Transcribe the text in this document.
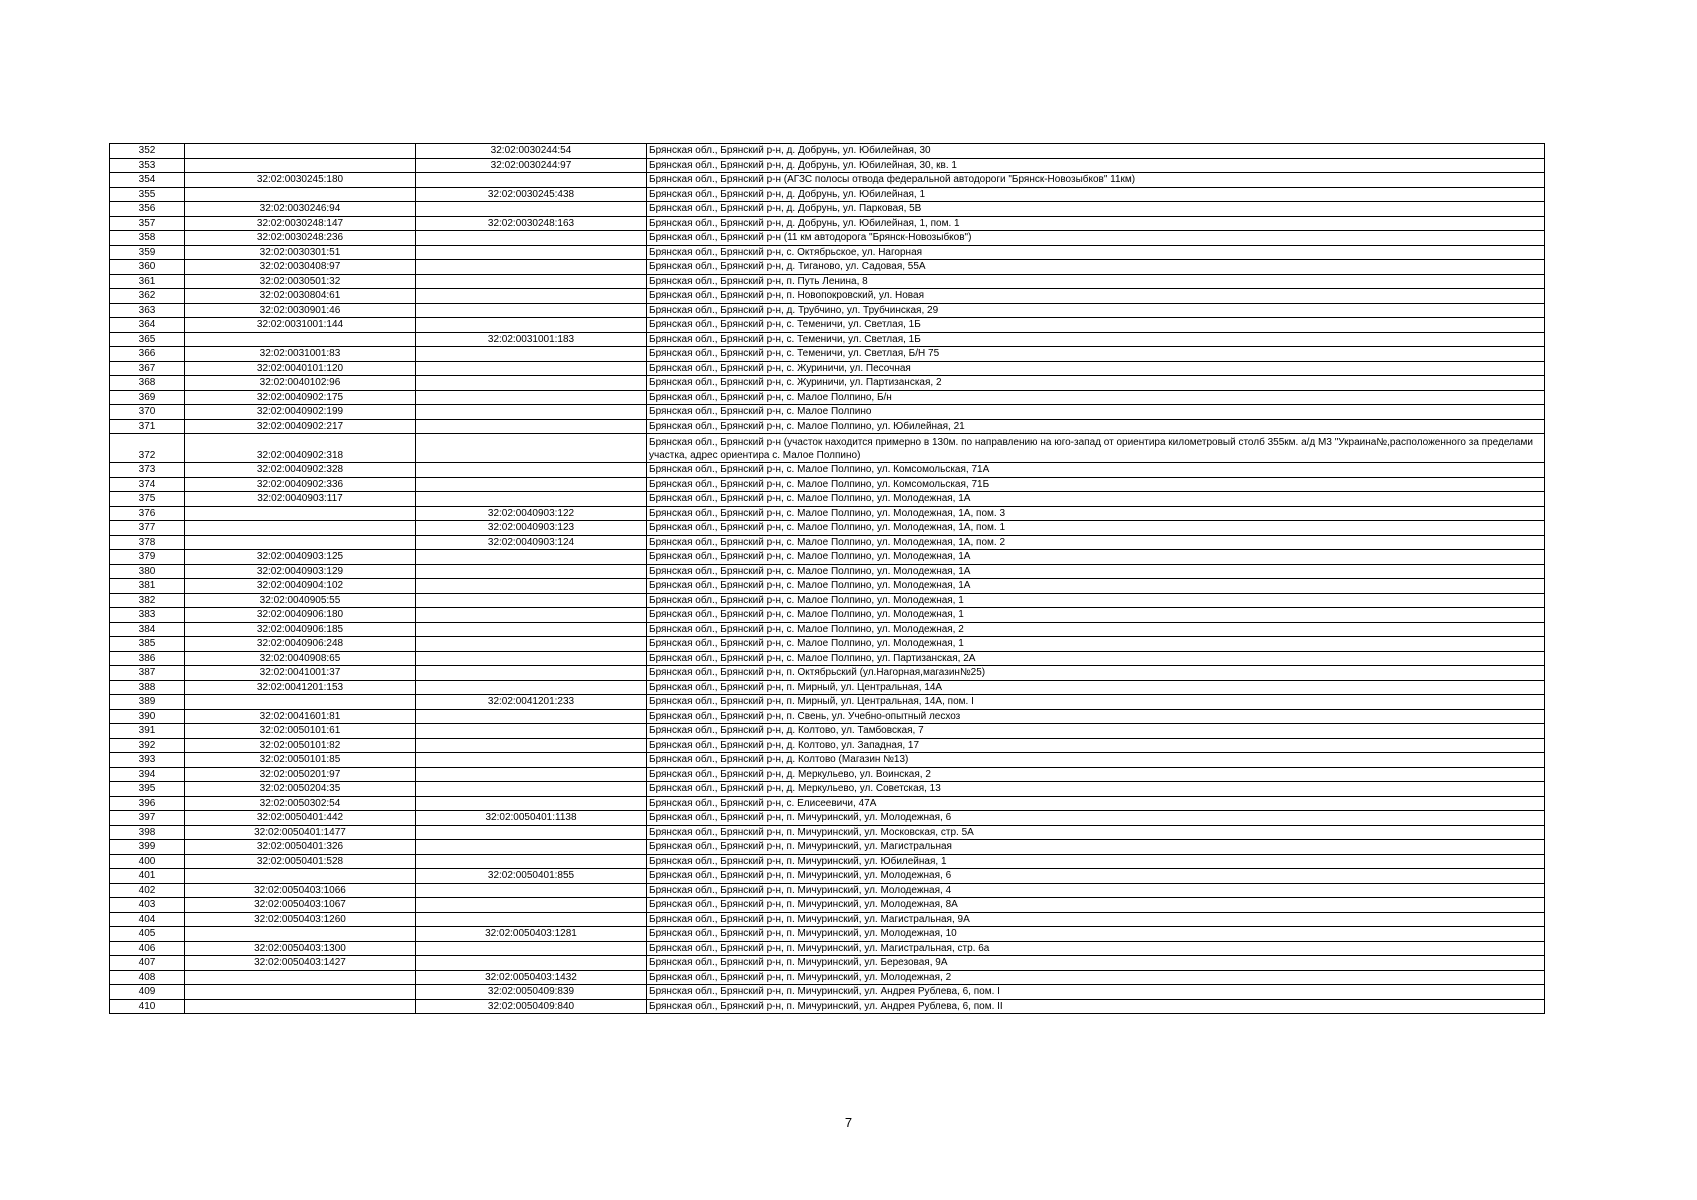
352		32:02:0030244:54	Брянская обл., Брянский р-н, д. Добрунь, ул. Юбилейная, 30
353		32:02:0030244:97	Брянская обл., Брянский р-н, д. Добрунь, ул. Юбилейная, 30, кв. 1
354	32:02:0030245:180		Брянская обл., Брянский р-н (АГЗС полосы отвода федеральной автодороги "Брянск-Новозыбков" 11км)
355		32:02:0030245:438	Брянская обл., Брянский р-н, д. Добрунь, ул. Юбилейная, 1
356	32:02:0030246:94		Брянская обл., Брянский р-н, д. Добрунь, ул. Парковая, 5В
357	32:02:0030248:147	32:02:0030248:163	Брянская обл., Брянский р-н, д. Добрунь, ул. Юбилейная, 1, пом. 1
358	32:02:0030248:236		Брянская обл., Брянский р-н (11 км автодорога "Брянск-Новозыбков")
359	32:02:0030301:51		Брянская обл., Брянский р-н, с. Октябрьское, ул. Нагорная
360	32:02:0030408:97		Брянская обл., Брянский р-н, д. Тиганово, ул. Садовая, 55А
361	32:02:0030501:32		Брянская обл., Брянский р-н, п. Путь Ленина, 8
362	32:02:0030804:61		Брянская обл., Брянский р-н, п. Новопокровский, ул. Новая
363	32:02:0030901:46		Брянская обл., Брянский р-н, д. Трубчино, ул. Трубчинская, 29
364	32:02:0031001:144		Брянская обл., Брянский р-н, с. Теменичи, ул. Светлая, 1Б
365		32:02:0031001:183	Брянская обл., Брянский р-н, с. Теменичи, ул. Светлая, 1Б
366	32:02:0031001:83		Брянская обл., Брянский р-н, с. Теменичи, ул. Светлая, Б/Н 75
367	32:02:0040101:120		Брянская обл., Брянский р-н, с. Журиничи, ул. Песочная
368	32:02:0040102:96		Брянская обл., Брянский р-н, с. Журиничи, ул. Партизанская, 2
369	32:02:0040902:175		Брянская обл., Брянский р-н, с. Малое Полпино, Б/н
370	32:02:0040902:199		Брянская обл., Брянский р-н, с. Малое Полпино
371	32:02:0040902:217		Брянская обл., Брянский р-н, с. Малое Полпино, ул. Юбилейная, 21
372	32:02:0040902:318		Брянская обл., Брянский р-н (участок находится примерно в 130м. по направлению на юго-запад от ориентира километровый столб 355км. а/д М3 "Украина№,расположенного за пределами участка, адрес ориентира с. Малое Полпино)
373	32:02:0040902:328		Брянская обл., Брянский р-н, с. Малое Полпино, ул. Комсомольская, 71А
374	32:02:0040902:336		Брянская обл., Брянский р-н, с. Малое Полпино, ул. Комсомольская, 71Б
375	32:02:0040903:117		Брянская обл., Брянский р-н, с. Малое Полпино, ул. Молодежная, 1А
376		32:02:0040903:122	Брянская обл., Брянский р-н, с. Малое Полпино, ул. Молодежная, 1А, пом. 3
377		32:02:0040903:123	Брянская обл., Брянский р-н, с. Малое Полпино, ул. Молодежная, 1А, пом. 1
378		32:02:0040903:124	Брянская обл., Брянский р-н, с. Малое Полпино, ул. Молодежная, 1А, пом. 2
379	32:02:0040903:125		Брянская обл., Брянский р-н, с. Малое Полпино, ул. Молодежная, 1А
380	32:02:0040903:129		Брянская обл., Брянский р-н, с. Малое Полпино, ул. Молодежная, 1А
381	32:02:0040904:102		Брянская обл., Брянский р-н, с. Малое Полпино, ул. Молодежная, 1А
382	32:02:0040905:55		Брянская обл., Брянский р-н, с. Малое Полпино, ул. Молодежная, 1
383	32:02:0040906:180		Брянская обл., Брянский р-н, с. Малое Полпино, ул. Молодежная, 1
384	32:02:0040906:185		Брянская обл., Брянский р-н, с. Малое Полпино, ул. Молодежная, 2
385	32:02:0040906:248		Брянская обл., Брянский р-н, с. Малое Полпино, ул. Молодежная, 1
386	32:02:0040908:65		Брянская обл., Брянский р-н, с. Малое Полпино, ул. Партизанская, 2А
387	32:02:0041001:37		Брянская обл., Брянский р-н, п. Октябрьский (ул.Нагорная,магазин№25)
388	32:02:0041201:153		Брянская обл., Брянский р-н, п. Мирный, ул. Центральная, 14А
389		32:02:0041201:233	Брянская обл., Брянский р-н, п. Мирный, ул. Центральная, 14А, пом. I
390	32:02:0041601:81		Брянская обл., Брянский р-н, п. Свень, ул. Учебно-опытный лесхоз
391	32:02:0050101:61		Брянская обл., Брянский р-н, д. Колтово, ул. Тамбовская, 7
392	32:02:0050101:82		Брянская обл., Брянский р-н, д. Колтово, ул. Западная, 17
393	32:02:0050101:85		Брянская обл., Брянский р-н, д. Колтово (Магазин №13)
394	32:02:0050201:97		Брянская обл., Брянский р-н, д. Меркульево, ул. Воинская, 2
395	32:02:0050204:35		Брянская обл., Брянский р-н, д. Меркульево, ул. Советская, 13
396	32:02:0050302:54		Брянская обл., Брянский р-н, с. Елисеевичи, 47А
397	32:02:0050401:442	32:02:0050401:1138	Брянская обл., Брянский р-н, п. Мичуринский, ул. Молодежная, 6
398	32:02:0050401:1477		Брянская обл., Брянский р-н, п. Мичуринский, ул. Московская, стр. 5А
399	32:02:0050401:326		Брянская обл., Брянский р-н, п. Мичуринский, ул. Магистральная
400	32:02:0050401:528		Брянская обл., Брянский р-н, п. Мичуринский, ул. Юбилейная, 1
401		32:02:0050401:855	Брянская обл., Брянский р-н, п. Мичуринский, ул. Молодежная, 6
402	32:02:0050403:1066		Брянская обл., Брянский р-н, п. Мичуринский, ул. Молодежная, 4
403	32:02:0050403:1067		Брянская обл., Брянский р-н, п. Мичуринский, ул. Молодежная, 8А
404	32:02:0050403:1260		Брянская обл., Брянский р-н, п. Мичуринский, ул. Магистральная, 9А
405		32:02:0050403:1281	Брянская обл., Брянский р-н, п. Мичуринский, ул. Молодежная, 10
406	32:02:0050403:1300		Брянская обл., Брянский р-н, п. Мичуринский, ул. Магистральная, стр. 6а
407	32:02:0050403:1427		Брянская обл., Брянский р-н, п. Мичуринский, ул. Березовая, 9А
408		32:02:0050403:1432	Брянская обл., Брянский р-н, п. Мичуринский, ул. Молодежная, 2
409		32:02:0050409:839	Брянская обл., Брянский р-н, п. Мичуринский, ул. Андрея Рублева, 6, пом. I
410		32:02:0050409:840	Брянская обл., Брянский р-н, п. Мичуринский, ул. Андрея Рублева, 6, пом. II
7
